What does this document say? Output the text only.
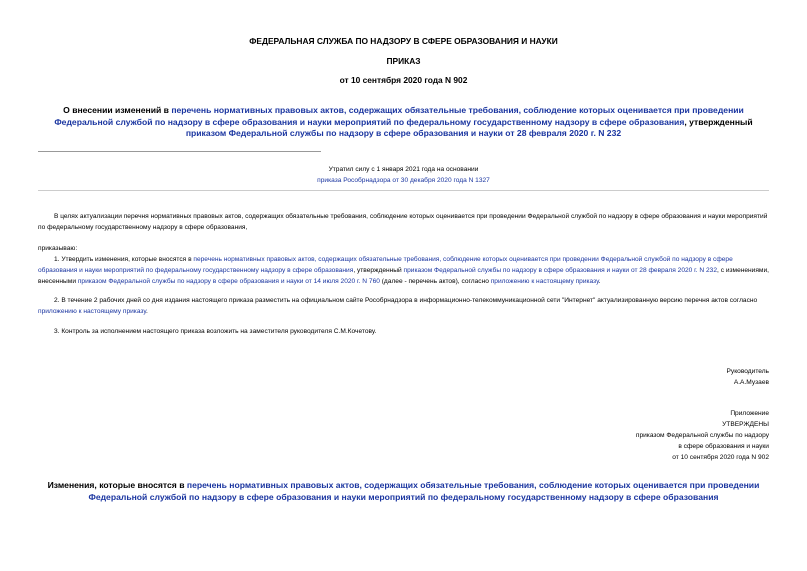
ФЕДЕРАЛЬНАЯ СЛУЖБА ПО НАДЗОРУ В СФЕРЕ ОБРАЗОВАНИЯ И НАУКИ
ПРИКАЗ
от 10 сентября 2020 года N 902
О внесении изменений в перечень нормативных правовых актов, содержащих обязательные требования, соблюдение которых оценивается при проведении Федеральной службой по надзору в сфере образования и науки мероприятий по федеральному государственному надзору в сфере образования, утвержденный приказом Федеральной службы по надзору в сфере образования и науки от 28 февраля 2020 г. N 232
Утратил силу с 1 января 2021 года на основании
приказа Рособрнадзора от 30 декабря 2020 года N 1327
В целях актуализации перечня нормативных правовых актов, содержащих обязательные требования, соблюдение которых оценивается при проведении Федеральной службой по надзору в сфере образования и науки мероприятий по федеральному государственному надзору в сфере образования,
приказываю:
1. Утвердить изменения, которые вносятся в перечень нормативных правовых актов, содержащих обязательные требования, соблюдение которых оценивается при проведении Федеральной службой по надзору в сфере образования и науки мероприятий по федеральному государственному надзору в сфере образования, утвержденный приказом Федеральной службы по надзору в сфере образования и науки от 28 февраля 2020 г. N 232, с изменениями, внесенными приказом Федеральной службы по надзору в сфере образования и науки от 14 июля 2020 г. N 760 (далее - перечень актов), согласно приложению к настоящему приказу.
2. В течение 2 рабочих дней со дня издания настоящего приказа разместить на официальном сайте Рособрнадзора в информационно-телекоммуникационной сети "Интернет" актуализированную версию перечня актов согласно приложению к настоящему приказу.
3. Контроль за исполнением настоящего приказа возложить на заместителя руководителя С.М.Кочетову.
Руководитель
А.А.Музаев
Приложение
УТВЕРЖДЕНЫ
приказом Федеральной службы по надзору
в сфере образования и науки
от 10 сентября 2020 года N 902
Изменения, которые вносятся в перечень нормативных правовых актов, содержащих обязательные требования, соблюдение которых оценивается при проведении Федеральной службой по надзору в сфере образования и науки мероприятий по федеральному государственному надзору в сфере образования
